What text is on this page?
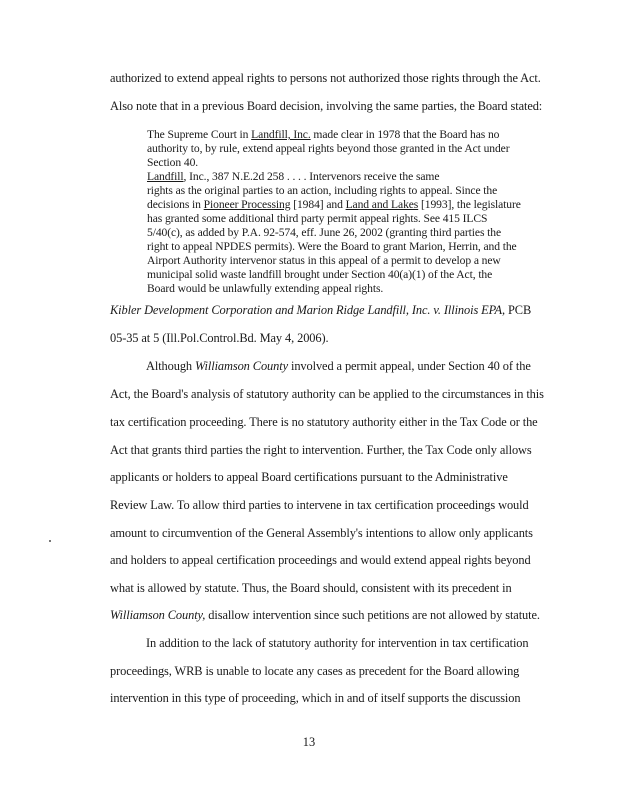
authorized to extend appeal rights to persons not authorized those rights through the Act.
Also note that in a previous Board decision, involving the same parties, the Board stated:
The Supreme Court in Landfill, Inc. made clear in 1978 that the Board has no
authority to, by rule, extend appeal rights beyond those granted in the Act under
Section 40.
Landfill, Inc., 387 N.E.2d 258 . . . . Intervenors receive the same
rights as the original parties to an action, including rights to appeal. Since the
decisions in Pioneer Processing [1984] and Land and Lakes [1993], the legislature
has granted some additional third party permit appeal rights. See 415 ILCS
5/40(c), as added by P.A. 92-574, eff. June 26, 2002 (granting third parties the
right to appeal NPDES permits). Were the Board to grant Marion, Herrin, and the
Airport Authority intervenor status in this appeal of a permit to develop a new
municipal solid waste landfill brought under Section 40(a)(1) of the Act, the
Board would be unlawfully extending appeal rights.
Kibler Development Corporation and Marion Ridge Landfill, Inc. v. Illinois EPA, PCB
05-35 at 5 (Ill.Pol.Control.Bd. May 4, 2006).
Although Williamson County involved a permit appeal, under Section 40 of the
Act, the Board's analysis of statutory authority can be applied to the circumstances in this
tax certification proceeding. There is no statutory authority either in the Tax Code or the
Act that grants third parties the right to intervention. Further, the Tax Code only allows
applicants or holders to appeal Board certifications pursuant to the Administrative
Review Law. To allow third parties to intervene in tax certification proceedings would
amount to circumvention of the General Assembly's intentions to allow only applicants
and holders to appeal certification proceedings and would extend appeal rights beyond
what is allowed by statute. Thus, the Board should, consistent with its precedent in
Williamson County, disallow intervention since such petitions are not allowed by statute.
In addition to the lack of statutory authority for intervention in tax certification
proceedings, WRB is unable to locate any cases as precedent for the Board allowing
intervention in this type of proceeding, which in and of itself supports the discussion
13
